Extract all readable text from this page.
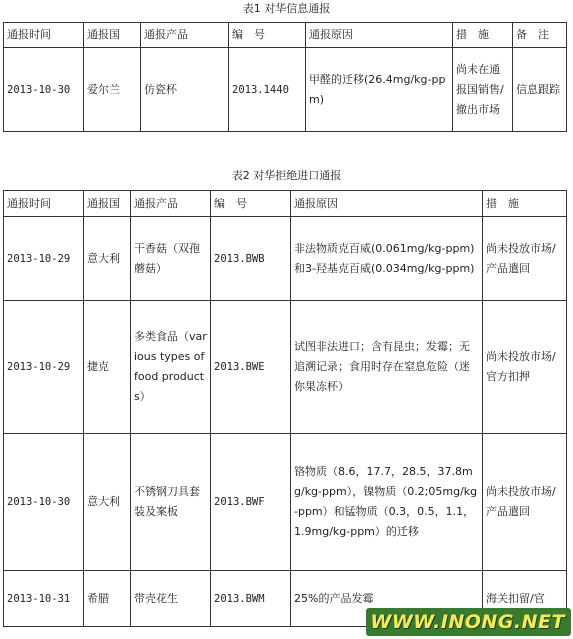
表1 对华信息通报
通报时间	通报国	通报产品	编　号	通报原因	措　施	备　注
2013-10-30	爱尔兰	仿瓷杯	2013.1440	甲醛的迁移(26.4mg/kg-ppm)	尚未在通报国销售/撤出市场	信息跟踪
表2 对华拒绝进口通报
通报时间	通报国	通报产品	编　号	通报原因	措　施
2013-10-29	意大利	干香菇（双孢蘑菇）	2013.BWB	非法物质克百威(0.061mg/kg-ppm)和3-羟基克百威(0.034mg/kg-ppm)	尚未投放市场/产品遣回
2013-10-29	捷克	多类食品（various types of food products）	2013.BWE	试图非法进口；含有昆虫；发霉；无追溯记录；食用时存在窒息危险（迷你果冻杯）	尚未投放市场/官方扣押
2013-10-30	意大利	不锈钢刀具套装及案板	2013.BWF	铬物质（8.6，17.7，28.5，37.8mg/kg-ppm），镍物质（0.2;05mg/kg-ppm）和锰物质（0.3，0.5，1.1，1.9mg/kg-ppm）的迁移	尚未投放市场/产品遣回
2013-10-31	希腊	带壳花生	2013.BWM	25%的产品发霉	海关扣留/官
WWW.INONG.NET
